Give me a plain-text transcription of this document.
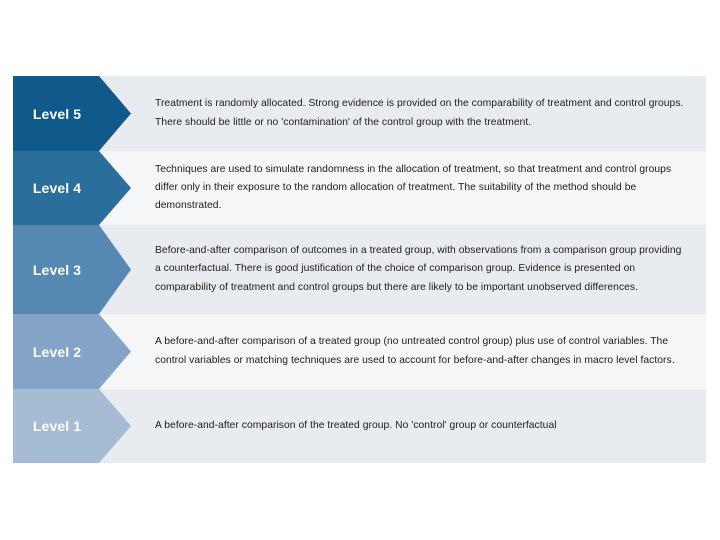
Level 5
Treatment is randomly allocated. Strong evidence is provided on the comparability of treatment and control groups. There should be little or no 'contamination' of the control group with the treatment.
Level 4
Techniques are used to simulate randomness in the allocation of treatment, so that treatment and control groups differ only in their exposure to the random allocation of treatment. The suitability of the method should be demonstrated.
Level 3
Before-and-after comparison of outcomes in a treated group, with observations from a comparison group providing a counterfactual. There is good justification of the choice of comparison group. Evidence is presented on comparability of treatment and control groups but there are likely to be important unobserved differences.
Level 2
A before-and-after comparison of a treated group (no untreated control group) plus use of control variables. The control variables or matching techniques are used to account for before-and-after changes in macro level factors.
Level 1	A before-and-after comparison of the treated group. No 'control' group or counterfactual
